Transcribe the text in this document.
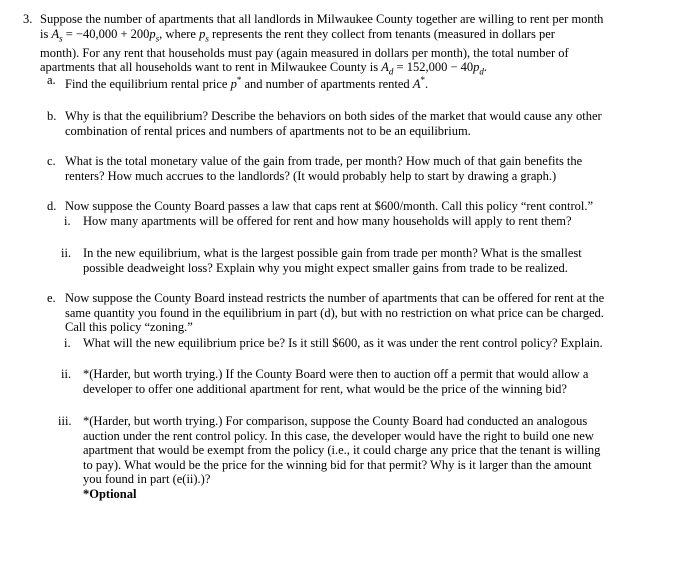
3. Suppose the number of apartments that all landlords in Milwaukee County together are willing to rent per month
is $A_s = -40,000 + 200p_s$, where $p_s$ represents the rent they collect from tenants (measured in dollars per
month). For any rent that households must pay (again measured in dollars per month), the total number of
apartments that all households want to rent in Milwaukee County is $A_d = 152,000 - 40p_d$.
a. Find the equilibrium rental price p* and number of apartments rented A*.
b. Why is that the equilibrium? Describe the behaviors on both sides of the market that would cause any other
combination of rental prices and numbers of apartments not to be an equilibrium.
c. What is the total monetary value of the gain from trade, per month? How much of that gain benefits the
renters? How much accrues to the landlords? (It would probably help to start by drawing a graph.)
d. Now suppose the County Board passes a law that caps rent at $600/month. Call this policy “rent control.”
i. How many apartments will be offered for rent and how many households will apply to rent them?
ii. In the new equilibrium, what is the largest possible gain from trade per month? What is the smallest
possible deadweight loss? Explain why you might expect smaller gains from trade to be realized.
e. Now suppose the County Board instead restricts the number of apartments that can be offered for rent at the
same quantity you found in the equilibrium in part (d), but with no restriction on what price can be charged.
Call this policy “zoning.”
i. What will the new equilibrium price be? Is it still $600, as it was under the rent control policy? Explain.
ii. *(Harder, but worth trying.) If the County Board were then to auction off a permit that would allow a
developer to offer one additional apartment for rent, what would be the price of the winning bid?
iii. *(Harder, but worth trying.) For comparison, suppose the County Board had conducted an analogous
auction under the rent control policy. In this case, the developer would have the right to build one new
apartment that would be exempt from the policy (i.e., it could charge any price that the tenant is willing
to pay). What would be the price for the winning bid for that permit? Why is it larger than the amount
you found in part (e(ii).)?
*Optional
